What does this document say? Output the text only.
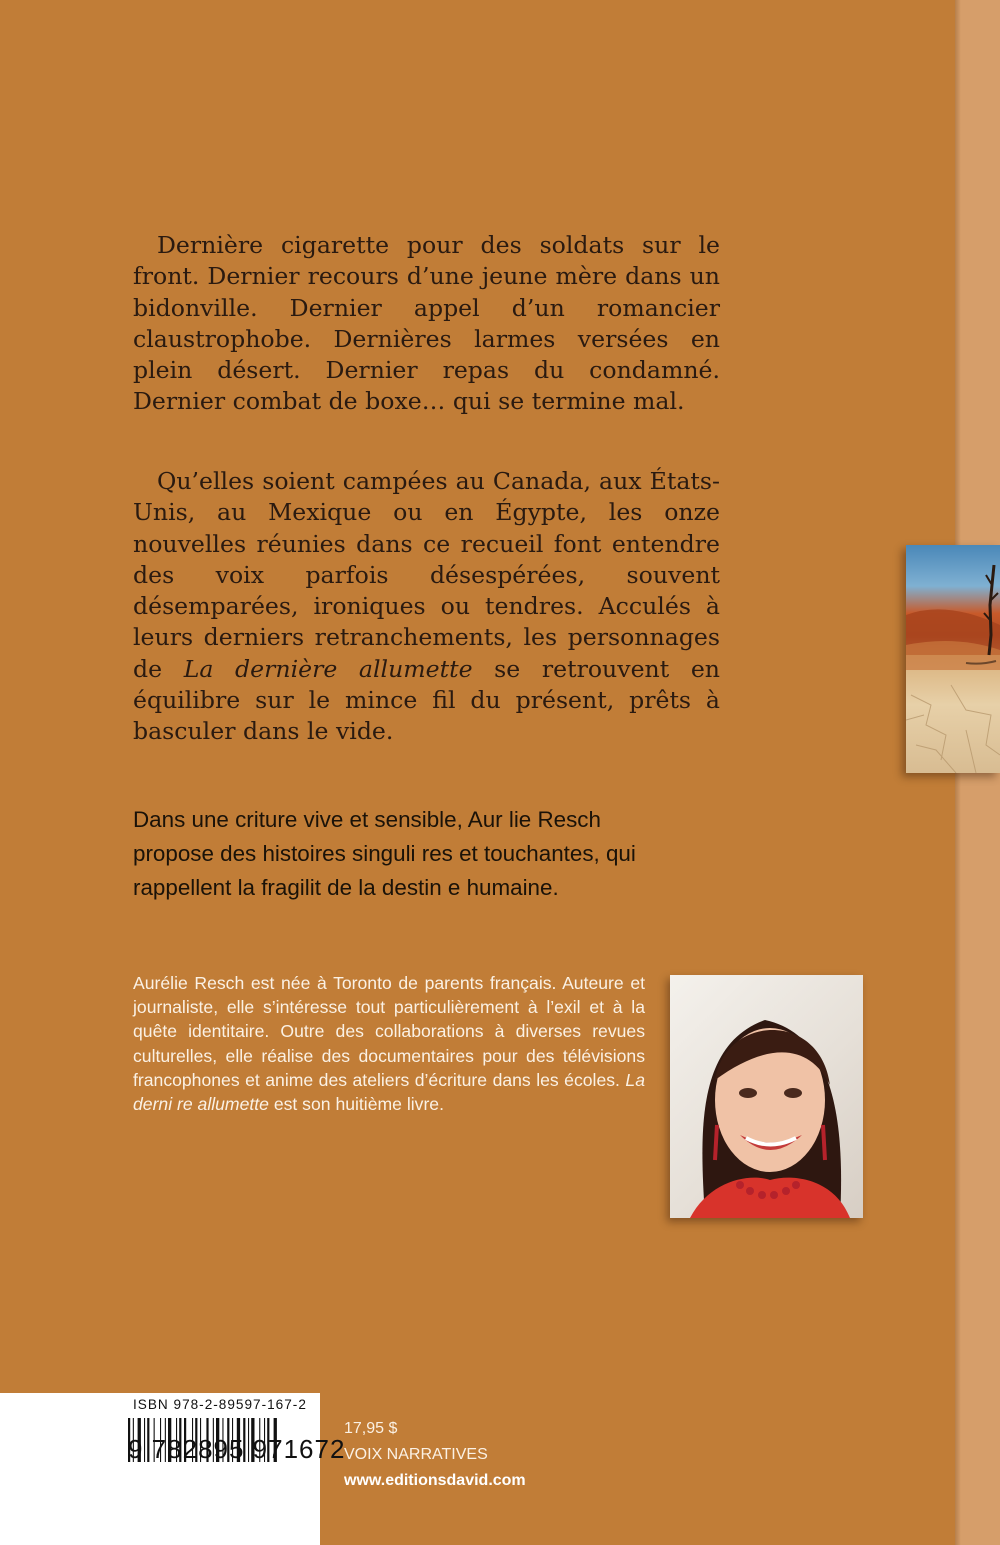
Dernière cigarette pour des soldats sur le front. Dernier recours d’une jeune mère dans un bidonville. Dernier appel d’un romancier claustrophobe. Dernières larmes versées en plein désert. Dernier repas du condamné. Dernier combat de boxe… qui se termine mal.

Qu’elles soient campées au Canada, aux États-Unis, au Mexique ou en Égypte, les onze nouvelles réunies dans ce recueil font entendre des voix parfois désespérées, souvent désemparées, ironiques ou tendres. Acculés à leurs derniers retranchements, les personnages de La dernière allumette se retrouvent en équilibre sur le mince fil du présent, prêts à basculer dans le vide.

Dans une criture vive et sensible, Aur lie Resch
propose des histoires singuli res et touchantes, qui
rappellent la fragilit de la destin e humaine.
Aurélie Resch est née à Toronto de parents français. Auteure et journaliste, elle s’intéresse tout particulièrement à l’exil et à la quête identitaire. Outre des collaborations à diverses revues culturelles, elle réalise des documentaires pour des télévisions francophones et anime des ateliers d’écriture dans les écoles. La derni re allumette est son huitième livre.
ISBN 978-2-89597-167-2
9 782895 971672
17,95 $
VOIX NARRATIVES
www.editionsdavid.com
